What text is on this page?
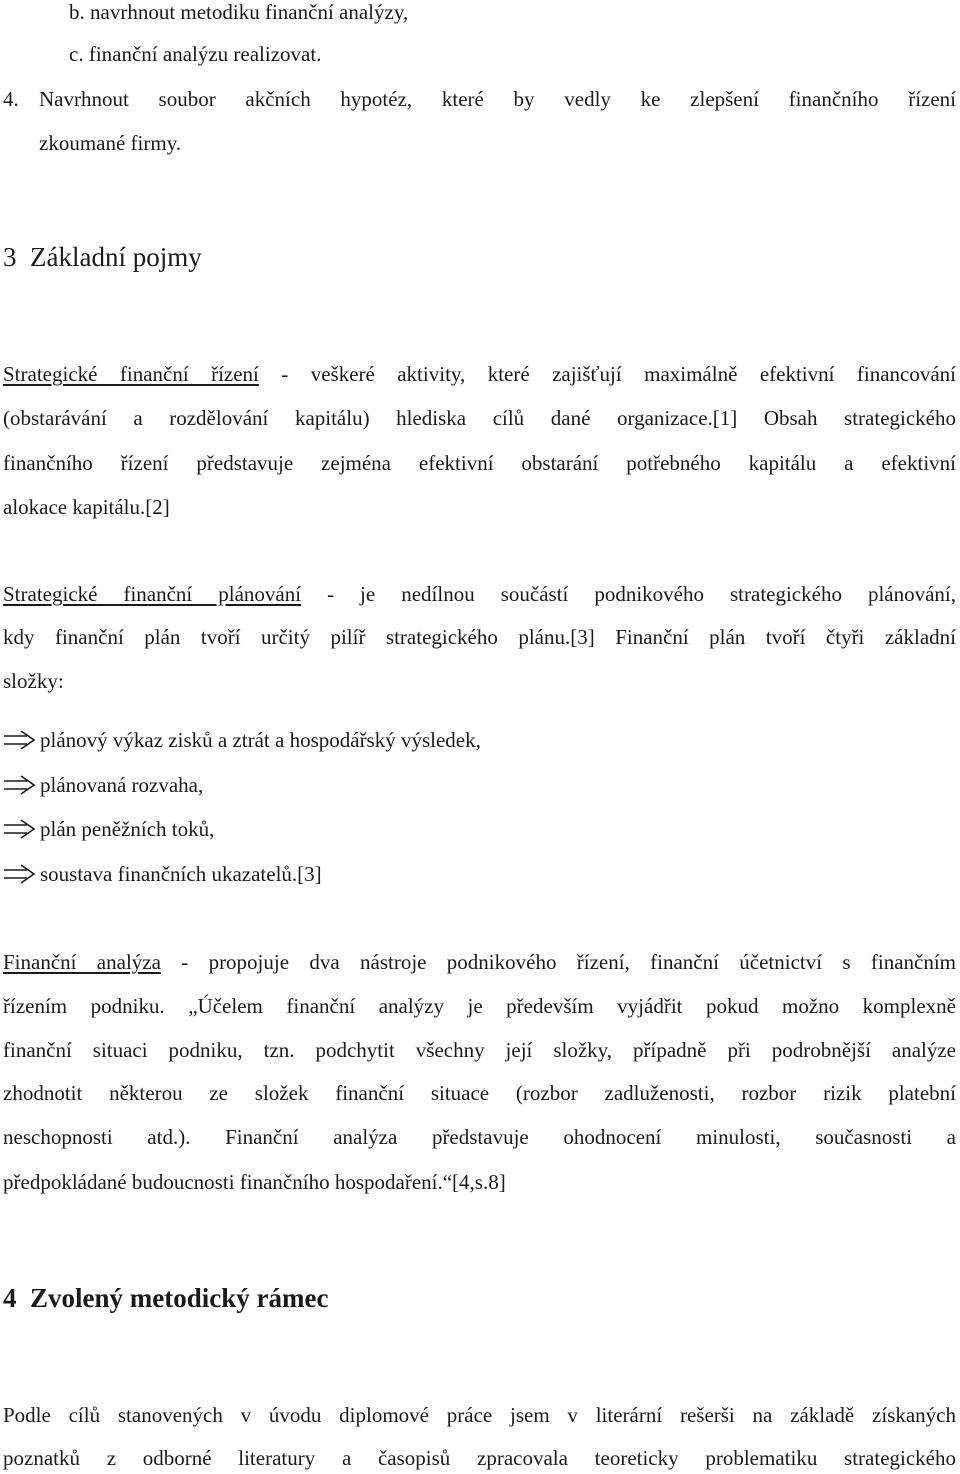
b. navrhnout metodiku finanční analýzy,
c. finanční analýzu realizovat.
4. Navrhnout soubor akčních hypotéz, které by vedly ke zlepšení finančního řízení
zkoumané firmy.
3 Základní pojmy
Strategické finanční řízení - veškeré aktivity, které zajišťují maximálně efektivní financování
(obstarávání a rozdělování kapitálu) hlediska cílů dané organizace.[1] Obsah strategického
finančního řízení představuje zejména efektivní obstarání potřebného kapitálu a efektivní
alokace kapitálu.[2]
Strategické finanční plánování - je nedílnou součástí podnikového strategického plánování,
kdy finanční plán tvoří určitý pilíř strategického plánu.[3] Finanční plán tvoří čtyři základní
složky:
plánový výkaz zisků a ztrát a hospodářský výsledek,
plánovaná rozvaha,
plán peněžních toků,
soustava finančních ukazatelů.[3]
Finanční analýza - propojuje dva nástroje podnikového řízení, finanční účetnictví s finančním
řízením podniku. „Účelem finanční analýzy je především vyjádřit pokud možno komplexně
finanční situaci podniku, tzn. podchytit všechny její složky, případně při podrobnější analýze
zhodnotit některou ze složek finanční situace (rozbor zadluženosti, rozbor rizik platební
neschopnosti atd.). Finanční analýza představuje ohodnocení minulosti, současnosti a
předpokládané budoucnosti finančního hospodaření.“[4,s.8]
4 Zvolený metodický rámec
Podle cílů stanovených v úvodu diplomové práce jsem v literární rešerši na základě získaných
poznatků z odborné literatury a časopisů zpracovala teoreticky problematiku strategického
